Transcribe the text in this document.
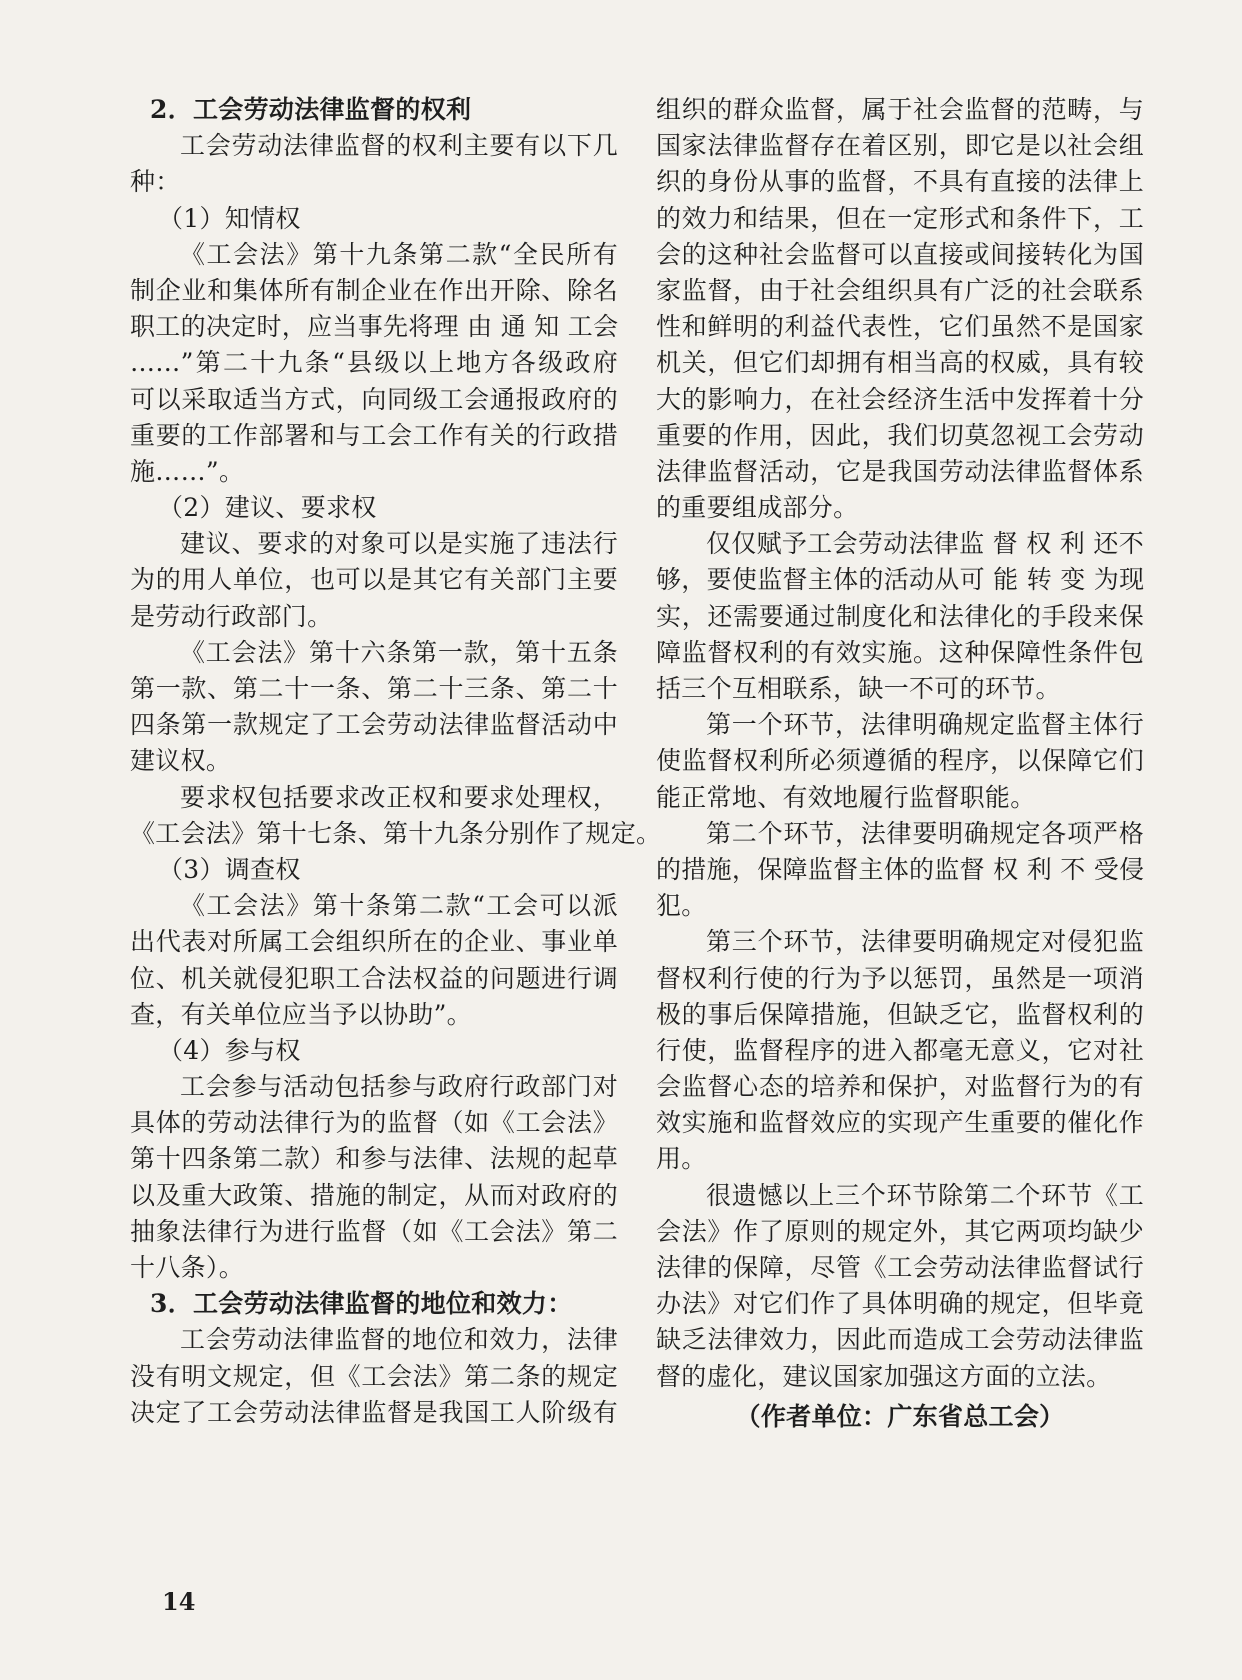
2．工会劳动法律监督的权利
工会劳动法律监督的权利主要有以下几
种：
（1）知情权
《工会法》第十九条第二款“全民所有
制企业和集体所有制企业在作出开除、除名
职工的决定时，应当事先将理 由 通 知 工会
……”第二十九条“县级以上地方各级政府
可以采取适当方式，向同级工会通报政府的
重要的工作部署和与工会工作有关的行政措
施……”。
（2）建议、要求权
建议、要求的对象可以是实施了违法行
为的用人单位，也可以是其它有关部门主要
是劳动行政部门。
《工会法》第十六条第一款，第十五条
第一款、第二十一条、第二十三条、第二十
四条第一款规定了工会劳动法律监督活动中
建议权。
要求权包括要求改正权和要求处理权，
《工会法》第十七条、第十九条分别作了规定。
（3）调查权
《工会法》第十条第二款“工会可以派
出代表对所属工会组织所在的企业、事业单
位、机关就侵犯职工合法权益的问题进行调
查，有关单位应当予以协助”。
（4）参与权
工会参与活动包括参与政府行政部门对
具体的劳动法律行为的监督（如《工会法》
第十四条第二款）和参与法律、法规的起草
以及重大政策、措施的制定，从而对政府的
抽象法律行为进行监督（如《工会法》第二
十八条）。
3．工会劳动法律监督的地位和效力：
工会劳动法律监督的地位和效力，法律
没有明文规定，但《工会法》第二条的规定
决定了工会劳动法律监督是我国工人阶级有
组织的群众监督，属于社会监督的范畴，与
国家法律监督存在着区别，即它是以社会组
织的身份从事的监督，不具有直接的法律上
的效力和结果，但在一定形式和条件下，工
会的这种社会监督可以直接或间接转化为国
家监督，由于社会组织具有广泛的社会联系
性和鲜明的利益代表性，它们虽然不是国家
机关，但它们却拥有相当高的权威，具有较
大的影响力，在社会经济生活中发挥着十分
重要的作用，因此，我们切莫忽视工会劳动
法律监督活动，它是我国劳动法律监督体系
的重要组成部分。
仅仅赋予工会劳动法律监 督 权 利 还不
够，要使监督主体的活动从可 能 转 变 为现
实，还需要通过制度化和法律化的手段来保
障监督权利的有效实施。这种保障性条件包
括三个互相联系，缺一不可的环节。
第一个环节，法律明确规定监督主体行
使监督权利所必须遵循的程序，以保障它们
能正常地、有效地履行监督职能。
第二个环节，法律要明确规定各项严格
的措施，保障监督主体的监督 权 利 不 受侵
犯。
第三个环节，法律要明确规定对侵犯监
督权利行使的行为予以惩罚，虽然是一项消
极的事后保障措施，但缺乏它，监督权利的
行使，监督程序的进入都毫无意义，它对社
会监督心态的培养和保护，对监督行为的有
效实施和监督效应的实现产生重要的催化作
用。
很遗憾以上三个环节除第二个环节《工
会法》作了原则的规定外，其它两项均缺少
法律的保障，尽管《工会劳动法律监督试行
办法》对它们作了具体明确的规定，但毕竟
缺乏法律效力，因此而造成工会劳动法律监
督的虚化，建议国家加强这方面的立法。
（作者单位：广东省总工会）
14
